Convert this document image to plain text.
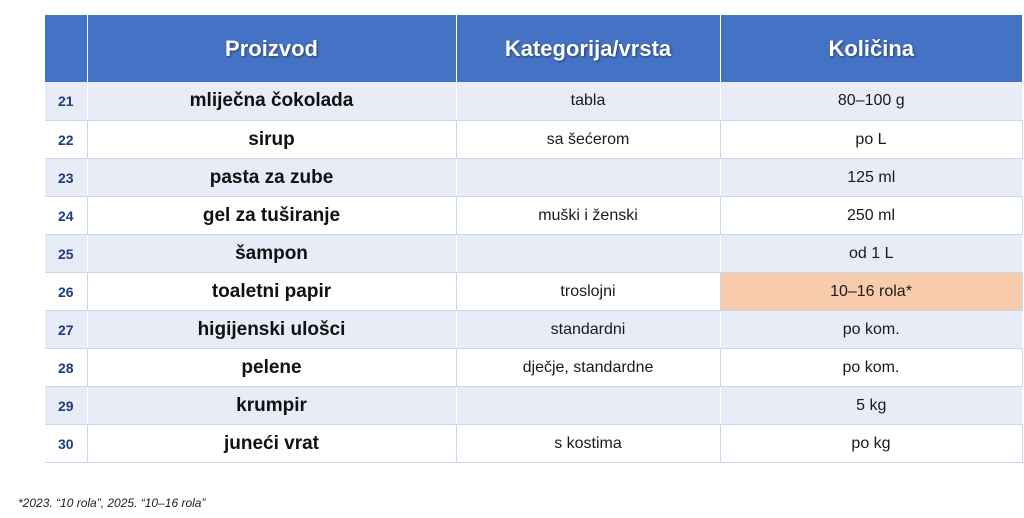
	Proizvod	Kategorija/vrsta	Količina
21	mliječna čokolada	tabla	80–100 g
22	sirup	sa šećerom	po L
23	pasta za zube		125 ml
24	gel za tuširanje	muški i ženski	250 ml
25	šampon		od 1 L
26	toaletni papir	troslojni	10–16 rola*
27	higijenski ulošci	standardni	po kom.
28	pelene	dječje, standardne	po kom.
29	krumpir		5 kg
30	juneći vrat	s kostima	po kg
*2023. “10 rola”, 2025. “10–16 rola”
